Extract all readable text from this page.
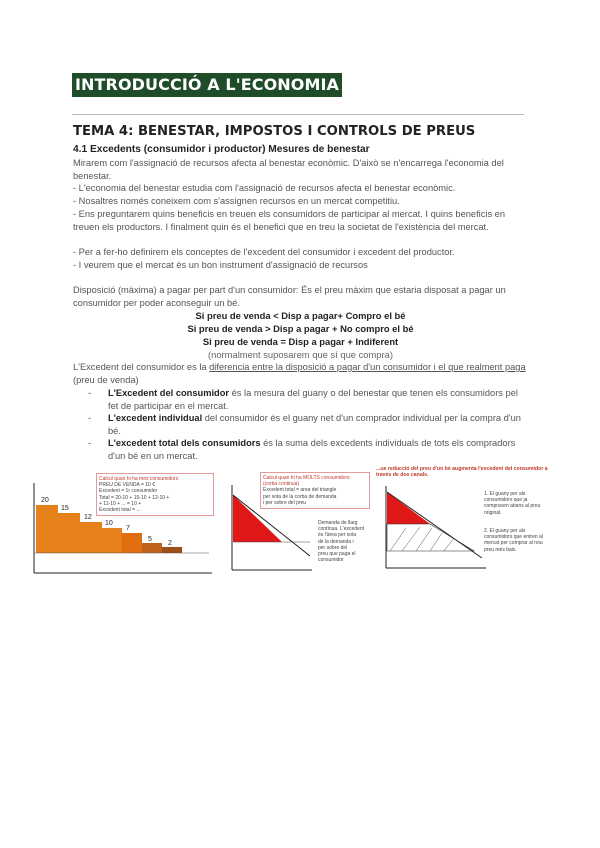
INTRODUCCIÓ A L'ECONOMIA
TEMA 4: BENESTAR, IMPOSTOS I CONTROLS DE PREUS
4.1 Excedents (consumidor i productor) Mesures de benestar
Mirarem com l'assignació de recursos afecta al benestar econòmic. D'això se n'encarrega l'economia del benestar.
- L'economia del benestar estudia com l'assignació de recursos afecta el benestar econòmic.
- Nosaltres només coneixem com s'assignen recursos en un mercat competitiu.
- Ens preguntarem quins beneficis en treuen els consumidors de participar al mercat. I quins beneficis en treuen els productors. I finalment quin és el benefici que en treu la societat de l'existència del mercat.
- Per a fer-ho definirem els conceptes de l'excedent del consumidor i excedent del productor.
- I veurem que el mercat és un bon instrument d'assignació de recursos
Disposició (màxima) a pagar per part d'un consumidor: És el preu màxim que estaria disposat a pagar un consumidor per poder aconseguir un bé.
Si preu de venda < Disp a pagar+ Compro el bé
Si preu de venda > Disp a pagar + No compro el bé
Si preu de venda = Disp a pagar + Indiferent
(normalment suposarem que sí que compra)
L'Excedent del consumidor es la diferencia entre la disposició a pagar d'un consumidor i el que realment paga (preu de venda)
- L'Excedent del consumidor és la mesura del guany o del benestar que tenen els consumidors pel fet de participar en el mercat.
- L'excedent individual del consumidor és el guany net d'un comprador individual per la compra d'un bé.
- L'excedent total dels consumidors és la suma dels excedents individuals de tots els compradors d'un bé en un mercat.
20
15
12
10
7
5
2
Calcul quan hi ha mes consumidors
PREU DE VENDA = 10 €
Excedent = 1r consumidor
Total = 20-10 + 15-10 + 12-10 +
+ 11-10 + ... = 10 +
Excedent total = ...
Calcul quan hi ha MOLTS consumidors
(corba continua)
Excedent total = area del triangle
per sota de la corba de demanda
i per sobre del preu
Demanda de llarg
contínua. L'excedent
és l'àrea per sota
de la demanda i
per sobre del
preu que paga el
consumidor
...ue reducció del preu d'un bé augmenta l'excedent del consumidor a través de dos canals.
1. El guany per als consumidors que ja compraven abans al preu original.
2. El guany per als consumidors que entren al mercat per comprar al nou preu més baix.
